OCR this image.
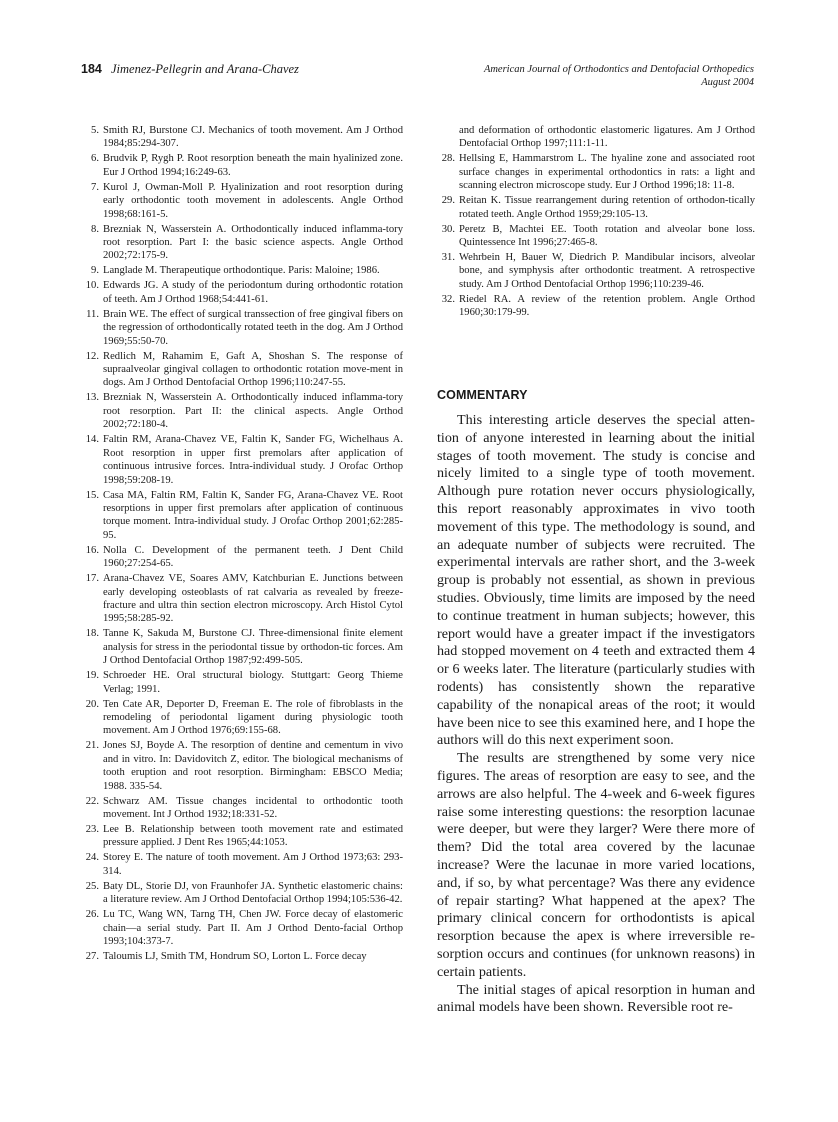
184 Jimenez-Pellegrin and Arana-Chavez	American Journal of Orthodontics and Dentofacial Orthopedics
August 2004
5. Smith RJ, Burstone CJ. Mechanics of tooth movement. Am J Orthod 1984;85:294-307.
6. Brudvik P, Rygh P. Root resorption beneath the main hyalinized zone. Eur J Orthod 1994;16:249-63.
7. Kurol J, Owman-Moll P. Hyalinization and root resorption during early orthodontic tooth movement in adolescents. Angle Orthod 1998;68:161-5.
8. Brezniak N, Wasserstein A. Orthodontically induced inflamma-tory root resorption. Part I: the basic science aspects. Angle Orthod 2002;72:175-9.
9. Langlade M. Therapeutique orthodontique. Paris: Maloine; 1986.
10. Edwards JG. A study of the periodontum during orthodontic rotation of teeth. Am J Orthod 1968;54:441-61.
11. Brain WE. The effect of surgical transsection of free gingival fibers on the regression of orthodontically rotated teeth in the dog. Am J Orthod 1969;55:50-70.
12. Redlich M, Rahamim E, Gaft A, Shoshan S. The response of supraalveolar gingival collagen to orthodontic rotation move-ment in dogs. Am J Orthod Dentofacial Orthop 1996;110:247-55.
13. Brezniak N, Wasserstein A. Orthodontically induced inflamma-tory root resorption. Part II: the clinical aspects. Angle Orthod 2002;72:180-4.
14. Faltin RM, Arana-Chavez VE, Faltin K, Sander FG, Wichelhaus A. Root resorption in upper first premolars after application of continuous intrusive forces. Intra-individual study. J Orofac Orthop 1998;59:208-19.
15. Casa MA, Faltin RM, Faltin K, Sander FG, Arana-Chavez VE. Root resorptions in upper first premolars after application of continuous torque moment. Intra-individual study. J Orofac Orthop 2001;62:285-95.
16. Nolla C. Development of the permanent teeth. J Dent Child 1960;27:254-65.
17. Arana-Chavez VE, Soares AMV, Katchburian E. Junctions between early developing osteoblasts of rat calvaria as revealed by freeze-fracture and ultra thin section electron microscopy. Arch Histol Cytol 1995;58:285-92.
18. Tanne K, Sakuda M, Burstone CJ. Three-dimensional finite element analysis for stress in the periodontal tissue by orthodon-tic forces. Am J Orthod Dentofacial Orthop 1987;92:499-505.
19. Schroeder HE. Oral structural biology. Stuttgart: Georg Thieme Verlag; 1991.
20. Ten Cate AR, Deporter D, Freeman E. The role of fibroblasts in the remodeling of periodontal ligament during physiologic tooth movement. Am J Orthod 1976;69:155-68.
21. Jones SJ, Boyde A. The resorption of dentine and cementum in vivo and in vitro. In: Davidovitch Z, editor. The biological mechanisms of tooth eruption and root resorption. Birmingham: EBSCO Media; 1988. 335-54.
22. Schwarz AM. Tissue changes incidental to orthodontic tooth movement. Int J Orthod 1932;18:331-52.
23. Lee B. Relationship between tooth movement rate and estimated pressure applied. J Dent Res 1965;44:1053.
24. Storey E. The nature of tooth movement. Am J Orthod 1973;63: 293-314.
25. Baty DL, Storie DJ, von Fraunhofer JA. Synthetic elastomeric chains: a literature review. Am J Orthod Dentofacial Orthop 1994;105:536-42.
26. Lu TC, Wang WN, Tarng TH, Chen JW. Force decay of elastomeric chain—a serial study. Part II. Am J Orthod Dento-facial Orthop 1993;104:373-7.
27. Taloumis LJ, Smith TM, Hondrum SO, Lorton L. Force decay
and deformation of orthodontic elastomeric ligatures. Am J Orthod Dentofacial Orthop 1997;111:1-11.
28. Hellsing E, Hammarstrom L. The hyaline zone and associated root surface changes in experimental orthodontics in rats: a light and scanning electron microscope study. Eur J Orthod 1996;18: 11-8.
29. Reitan K. Tissue rearrangement during retention of orthodon-tically rotated teeth. Angle Orthod 1959;29:105-13.
30. Peretz B, Machtei EE. Tooth rotation and alveolar bone loss. Quintessence Int 1996;27:465-8.
31. Wehrbein H, Bauer W, Diedrich P. Mandibular incisors, alveolar bone, and symphysis after orthodontic treatment. A retrospective study. Am J Orthod Dentofacial Orthop 1996;110:239-46.
32. Riedel RA. A review of the retention problem. Angle Orthod 1960;30:179-99.
COMMENTARY

This interesting article deserves the special atten-tion of anyone interested in learning about the initial stages of tooth movement. The study is concise and nicely limited to a single type of tooth movement. Although pure rotation never occurs physiologically, this report reasonably approximates in vivo tooth movement of this type. The methodology is sound, and an adequate number of subjects were recruited. The experimental intervals are rather short, and the 3-week group is probably not essential, as shown in previous studies. Obviously, time limits are imposed by the need to continue treatment in human subjects; however, this report would have a greater impact if the investigators had stopped movement on 4 teeth and extracted them 4 or 6 weeks later. The literature (particularly studies with rodents) has consistently shown the reparative capability of the nonapical areas of the root; it would have been nice to see this examined here, and I hope the authors will do this next experiment soon.

The results are strengthened by some very nice figures. The areas of resorption are easy to see, and the arrows are also helpful. The 4-week and 6-week figures raise some interesting questions: the resorption lacunae were deeper, but were they larger? Were there more of them? Did the total area covered by the lacunae increase? Were the lacunae in more varied locations, and, if so, by what percentage? Was there any evidence of repair starting? What happened at the apex? The primary clinical concern for orthodontists is apical resorption because the apex is where irreversible re-sorption occurs and continues (for unknown reasons) in certain patients.

The initial stages of apical resorption in human and animal models have been shown. Reversible root re-
